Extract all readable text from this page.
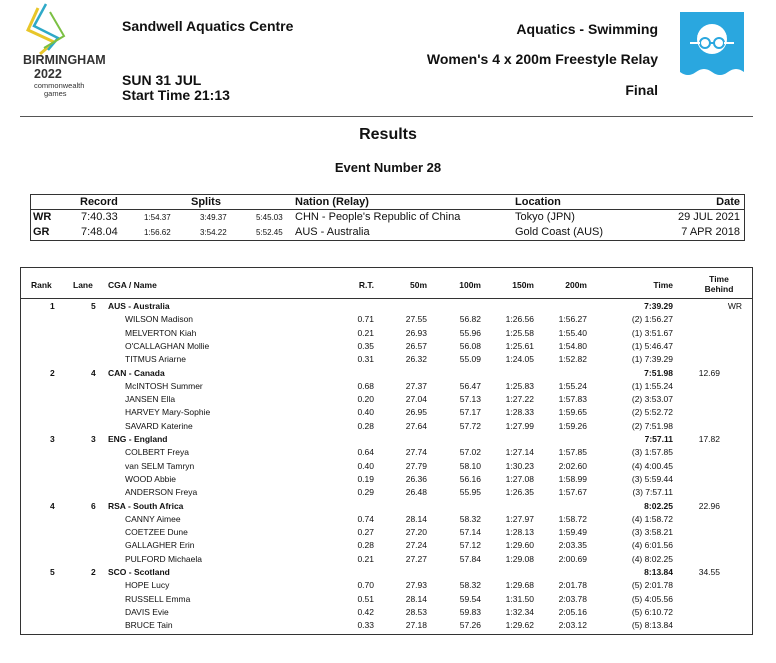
BIRMINGHAM
2022
commonwealth
games
Sandwell Aquatics Centre
SUN 31 JUL
Start Time 21:13
Aquatics - Swimming
Women's 4 x 200m Freestyle Relay
Final
Results
Event Number 28
Record	Splits	Nation (Relay)	Location	Date
WR	7:40.33	1:54.37	3:49.37	5:45.03 CHN - People's Republic of China	Tokyo (JPN)	29 JUL 2021
GR	7:48.04	1:56.62	3:54.22	5:52.45 AUS - Australia	Gold Coast (AUS)	7 APR 2018
Rank Lane CGA / Name	R.T.	50m	100m	150m	200m	Time
Time
Behind
1	5 AUS - Australia	7:39.29	WR
WILSON Madison	0.71	27.55	56.82	1:26.56	1:56.27	(2) 1:56.27
MELVERTON Kiah	0.21	26.93	55.96	1:25.58	1:55.40	(1) 3:51.67
O'CALLAGHAN Mollie	0.35	26.57	56.08	1:25.61	1:54.80	(1) 5:46.47
TITMUS Ariarne	0.31	26.32	55.09	1:24.05	1:52.82	(1) 7:39.29
2	4 CAN - Canada	7:51.98	12.69
McINTOSH Summer	0.68	27.37	56.47	1:25.83	1:55.24	(1) 1:55.24
JANSEN Ella	0.20	27.04	57.13	1:27.22	1:57.83	(2) 3:53.07
HARVEY Mary-Sophie	0.40	26.95	57.17	1:28.33	1:59.65	(2) 5:52.72
SAVARD Katerine	0.28	27.64	57.72	1:27.99	1:59.26	(2) 7:51.98
3	3 ENG - England	7:57.11	17.82
COLBERT Freya	0.64	27.74	57.02	1:27.14	1:57.85	(3) 1:57.85
van SELM Tamryn	0.40	27.79	58.10	1:30.23	2:02.60	(4) 4:00.45
WOOD Abbie	0.19	26.36	56.16	1:27.08	1:58.99	(3) 5:59.44
ANDERSON Freya	0.29	26.48	55.95	1:26.35	1:57.67	(3) 7:57.11
4	6 RSA - South Africa	8:02.25	22.96
CANNY Aimee	0.74	28.14	58.32	1:27.97	1:58.72	(4) 1:58.72
COETZEE Dune	0.27	27.20	57.14	1:28.13	1:59.49	(3) 3:58.21
GALLAGHER Erin	0.28	27.24	57.12	1:29.60	2:03.35	(4) 6:01.56
PULFORD Michaela	0.21	27.27	57.84	1:29.08	2:00.69	(4) 8:02.25
5	2 SCO - Scotland	8:13.84	34.55
HOPE Lucy	0.70	27.93	58.32	1:29.68	2:01.78	(5) 2:01.78
RUSSELL Emma	0.51	28.14	59.54	1:31.50	2:03.78	(5) 4:05.56
DAVIS Evie	0.42	28.53	59.83	1:32.34	2:05.16	(5) 6:10.72
BRUCE Tain	0.33	27.18	57.26	1:29.62	2:03.12	(5) 8:13.84
